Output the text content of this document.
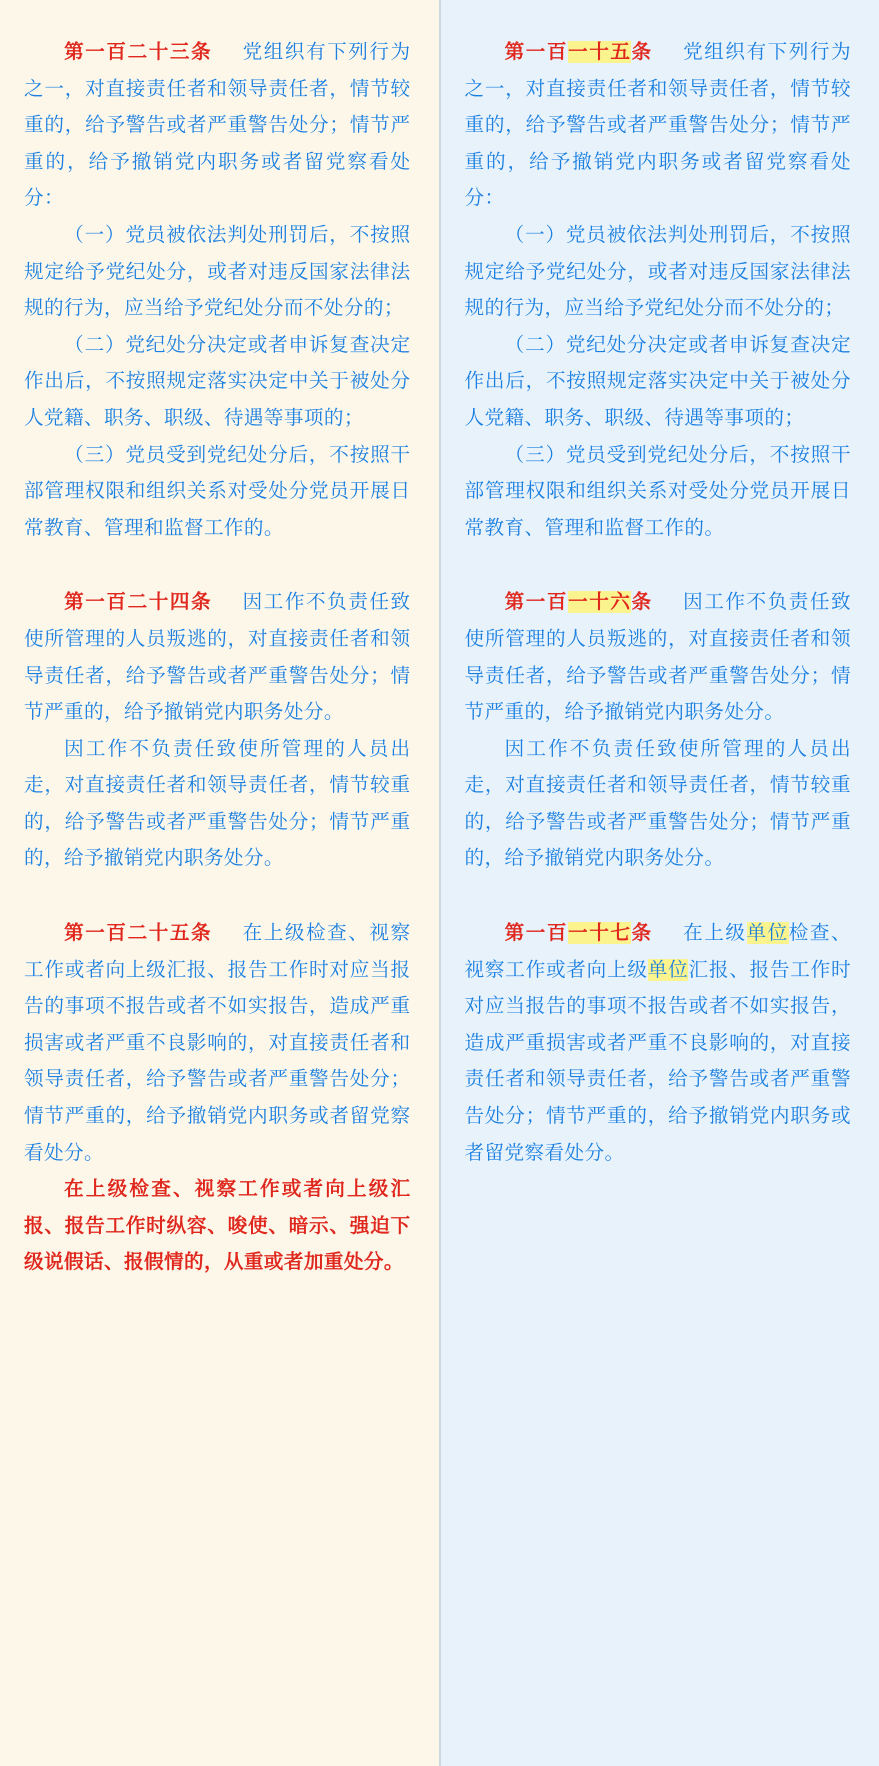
第一百二十三条 党组织有下列行为之一，对直接责任者和领导责任者，情节较重的，给予警告或者严重警告处分；情节严重的，给予撤销党内职务或者留党察看处分：

（一）党员被依法判处刑罚后，不按照规定给予党纪处分，或者对违反国家法律法规的行为，应当给予党纪处分而不处分的；

（二）党纪处分决定或者申诉复查决定作出后，不按照规定落实决定中关于被处分人党籍、职务、职级、待遇等事项的；

（三）党员受到党纪处分后，不按照干部管理权限和组织关系对受处分党员开展日常教育、管理和监督工作的。

第一百二十四条 因工作不负责任致使所管理的人员叛逃的，对直接责任者和领导责任者，给予警告或者严重警告处分；情节严重的，给予撤销党内职务处分。

因工作不负责任致使所管理的人员出走，对直接责任者和领导责任者，情节较重的，给予警告或者严重警告处分；情节严重的，给予撤销党内职务处分。

第一百二十五条 在上级检查、视察工作或者向上级汇报、报告工作时对应当报告的事项不报告或者不如实报告，造成严重损害或者严重不良影响的，对直接责任者和领导责任者，给予警告或者严重警告处分；情节严重的，给予撤销党内职务或者留党察看处分。

在上级检查、视察工作或者向上级汇报、报告工作时纵容、唆使、暗示、强迫下级说假话、报假情的，从重或者加重处分。

第一百一十五条 党组织有下列行为之一，对直接责任者和领导责任者，情节较重的，给予警告或者严重警告处分；情节严重的，给予撤销党内职务或者留党察看处分：

（一）党员被依法判处刑罚后，不按照规定给予党纪处分，或者对违反国家法律法规的行为，应当给予党纪处分而不处分的；

（二）党纪处分决定或者申诉复查决定作出后，不按照规定落实决定中关于被处分人党籍、职务、职级、待遇等事项的；

（三）党员受到党纪处分后，不按照干部管理权限和组织关系对受处分党员开展日常教育、管理和监督工作的。

第一百一十六条 因工作不负责任致使所管理的人员叛逃的，对直接责任者和领导责任者，给予警告或者严重警告处分；情节严重的，给予撤销党内职务处分。

因工作不负责任致使所管理的人员出走，对直接责任者和领导责任者，情节较重的，给予警告或者严重警告处分；情节严重的，给予撤销党内职务处分。

第一百一十七条 在上级单位检查、视察工作或者向上级单位汇报、报告工作时对应当报告的事项不报告或者不如实报告，造成严重损害或者严重不良影响的，对直接责任者和领导责任者，给予警告或者严重警告处分；情节严重的，给予撤销党内职务或者留党察看处分。
